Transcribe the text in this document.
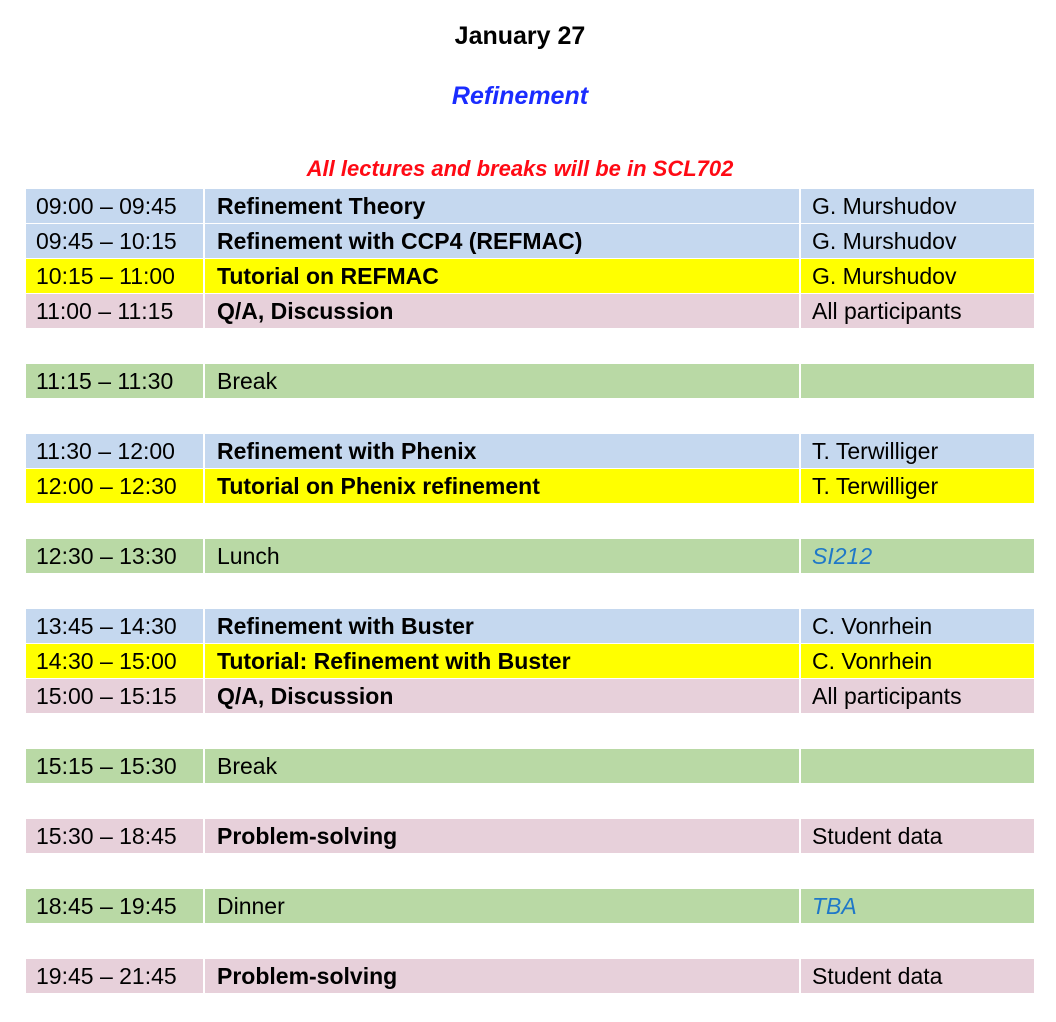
January 27
Refinement
All lectures and breaks will be in SCL702
09:00 – 09:45	Refinement Theory	G. Murshudov
09:45 – 10:15	Refinement with CCP4 (REFMAC)	G. Murshudov
10:15 – 11:00	Tutorial on REFMAC	G. Murshudov
11:00 – 11:15	Q/A, Discussion	All participants
11:15 – 11:30	Break
11:30 – 12:00	Refinement with Phenix	T. Terwilliger
12:00 – 12:30	Tutorial on Phenix refinement	T. Terwilliger
12:30 – 13:30	Lunch	SI212
13:45 – 14:30	Refinement with Buster	C. Vonrhein
14:30 – 15:00	Tutorial: Refinement with Buster	C. Vonrhein
15:00 – 15:15	Q/A, Discussion	All participants
15:15 – 15:30	Break
15:30 – 18:45	Problem-solving	Student data
18:45 – 19:45	Dinner	TBA
19:45 – 21:45	Problem-solving	Student data
